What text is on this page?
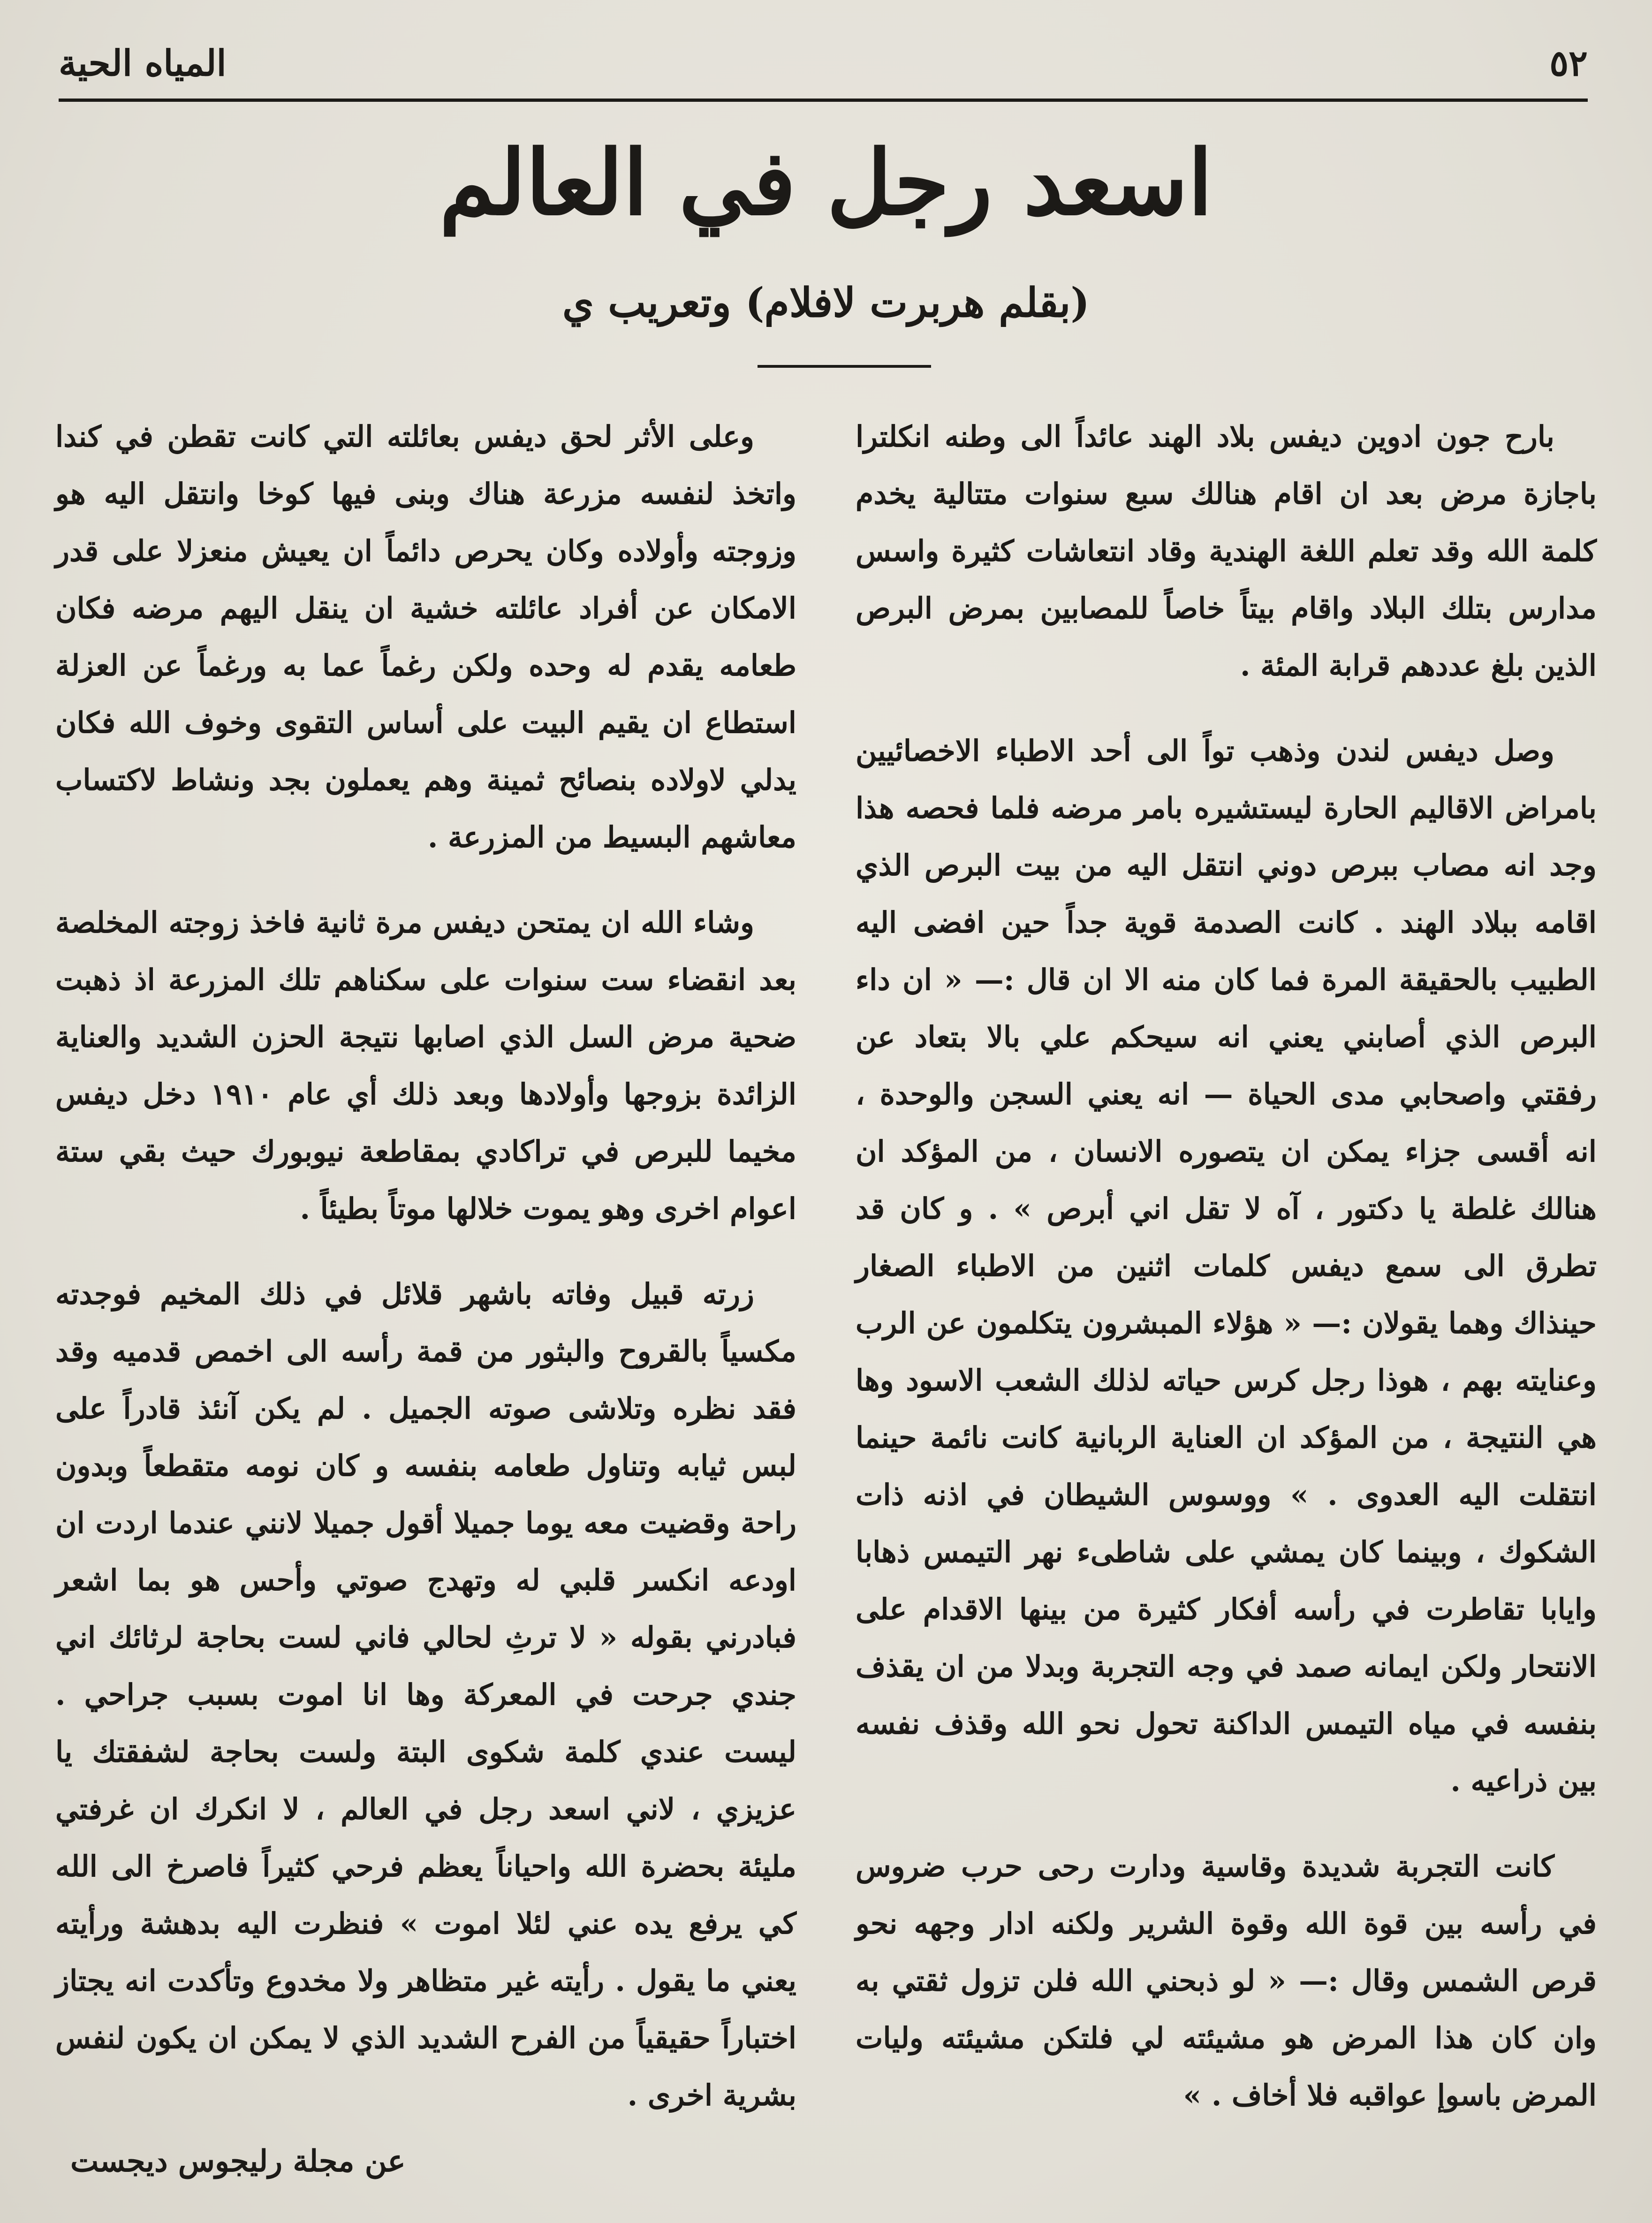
٥٢
المياه الحية
اسعد رجل في العالم
(بقلم هربرت لافلام) وتعريب ي

بارح جون ادوين ديفس بلاد الهند عائداً الى وطنه انكلترا باجازة مرض بعد ان اقام هنالك سبع سنوات متتالية يخدم كلمة الله وقد تعلم اللغة الهندية وقاد انتعاشات كثيرة واسس مدارس بتلك البلاد واقام بيتاً خاصاً للمصابين بمرض البرص الذين بلغ عددهم قرابة المئة .

وصل ديفس لندن وذهب تواً الى أحد الاطباء الاخصائيين بامراض الاقاليم الحارة ليستشيره بامر مرضه فلما فحصه هذا وجد انه مصاب ببرص دوني انتقل اليه من بيت البرص الذي اقامه ببلاد الهند . كانت الصدمة قوية جداً حين افضى اليه الطبيب بالحقيقة المرة فما كان منه الا ان قال :— « ان داء البرص الذي أصابني يعني انه سيحكم علي بالا بتعاد عن رفقتي واصحابي مدى الحياة — انه يعني السجن والوحدة ، انه أقسى جزاء يمكن ان يتصوره الانسان ، من المؤكد ان هنالك غلطة يا دكتور ، آه لا تقل اني أبرص » . و كان قد تطرق الى سمع ديفس كلمات اثنين من الاطباء الصغار حينذاك وهما يقولان :— « هؤلاء المبشرون يتكلمون عن الرب وعنايته بهم ، هوذا رجل كرس حياته لذلك الشعب الاسود وها هي النتيجة ، من المؤكد ان العناية الربانية كانت نائمة حينما انتقلت اليه العدوى . » ووسوس الشيطان في اذنه ذات الشكوك ، وبينما كان يمشي على شاطىء نهر التيمس ذهابا وايابا تقاطرت في رأسه أفكار كثيرة من بينها الاقدام على الانتحار ولكن ايمانه صمد في وجه التجربة وبدلا من ان يقذف بنفسه في مياه التيمس الداكنة تحول نحو الله وقذف نفسه بين ذراعيه .

كانت التجربة شديدة وقاسية ودارت رحى حرب ضروس في رأسه بين قوة الله وقوة الشرير ولكنه ادار وجهه نحو قرص الشمس وقال :— « لو ذبحني الله فلن تزول ثقتي به وان كان هذا المرض هو مشيئته لي فلتكن مشيئته وليات المرض باسوإ عواقبه فلا أخاف . »

وعلى الأثر لحق ديفس بعائلته التي كانت تقطن في كندا واتخذ لنفسه مزرعة هناك وبنى فيها كوخا وانتقل اليه هو وزوجته وأولاده وكان يحرص دائماً ان يعيش منعزلا على قدر الامكان عن أفراد عائلته خشية ان ينقل اليهم مرضه فكان طعامه يقدم له وحده ولكن رغماً عما به ورغماً عن العزلة استطاع ان يقيم البيت على أساس التقوى وخوف الله فكان يدلي لاولاده بنصائح ثمينة وهم يعملون بجد ونشاط لاكتساب معاشهم البسيط من المزرعة .

وشاء الله ان يمتحن ديفس مرة ثانية فاخذ زوجته المخلصة بعد انقضاء ست سنوات على سكناهم تلك المزرعة اذ ذهبت ضحية مرض السل الذي اصابها نتيجة الحزن الشديد والعناية الزائدة بزوجها وأولادها وبعد ذلك أي عام ١٩١٠ دخل ديفس مخيما للبرص في تراكادي بمقاطعة نيوبورك حيث بقي ستة اعوام اخرى وهو يموت خلالها موتاً بطيئاً .

زرته قبيل وفاته باشهر قلائل في ذلك المخيم فوجدته مكسياً بالقروح والبثور من قمة رأسه الى اخمص قدميه وقد فقد نظره وتلاشى صوته الجميل . لم يكن آنئذ قادراً على لبس ثيابه وتناول طعامه بنفسه و كان نومه متقطعاً وبدون راحة وقضيت معه يوما جميلا أقول جميلا لانني عندما اردت ان اودعه انكسر قلبي له وتهدج صوتي وأحس هو بما اشعر فبادرني بقوله « لا ترثِ لحالي فاني لست بحاجة لرثائك اني جندي جرحت في المعركة وها انا اموت بسبب جراحي . ليست عندي كلمة شكوى البتة ولست بحاجة لشفقتك يا عزيزي ، لاني اسعد رجل في العالم ، لا انكرك ان غرفتي مليئة بحضرة الله واحياناً يعظم فرحي كثيراً فاصرخ الى الله كي يرفع يده عني لئلا اموت » فنظرت اليه بدهشة ورأيته يعني ما يقول . رأيته غير متظاهر ولا مخدوع وتأكدت انه يجتاز اختباراً حقيقياً من الفرح الشديد الذي لا يمكن ان يكون لنفس بشرية اخرى .

عن مجلة رليجوس ديجست
